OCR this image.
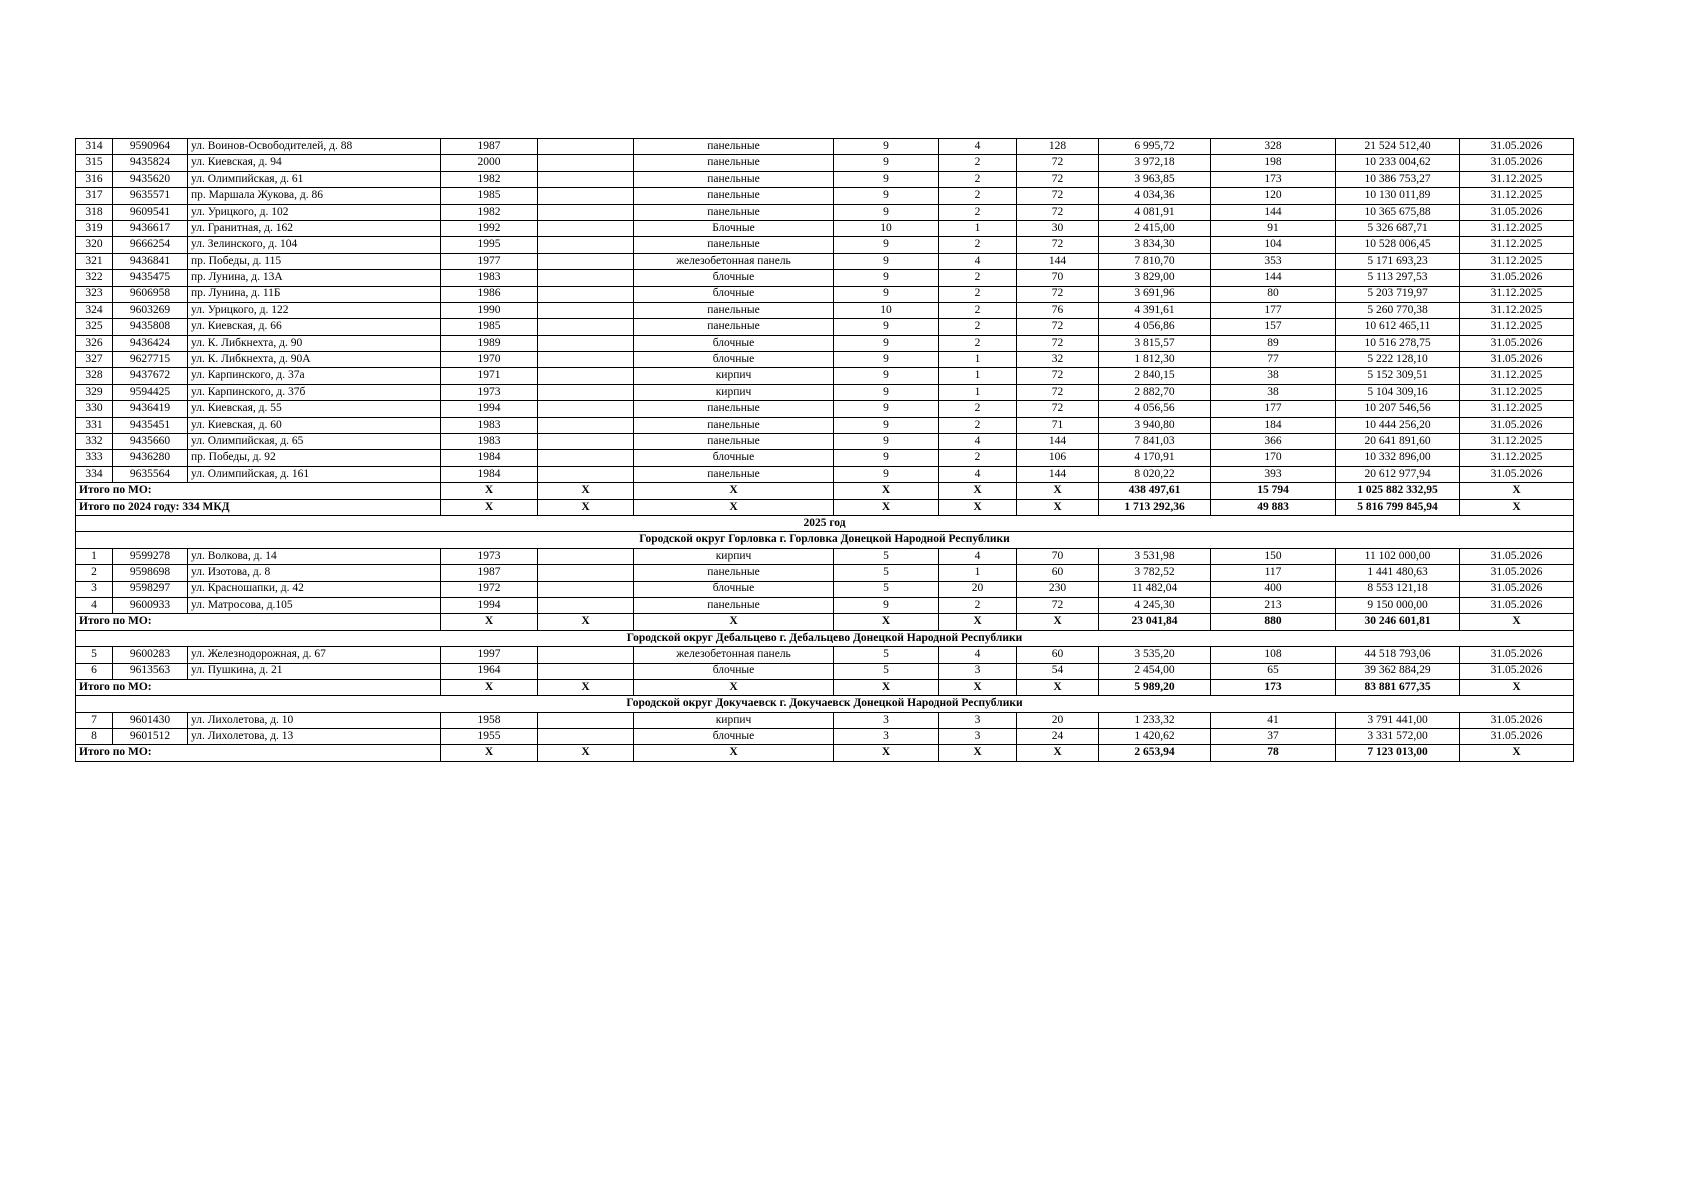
314	9590964	ул. Воинов-Освободителей, д. 88	1987		панельные	9	4	128	6 995,72	328	21 524 512,40	31.05.2026
315	9435824	ул. Киевская, д. 94	2000		панельные	9	2	72	3 972,18	198	10 233 004,62	31.05.2026
316	9435620	ул. Олимпийская, д. 61	1982		панельные	9	2	72	3 963,85	173	10 386 753,27	31.12.2025
317	9635571	пр. Маршала Жукова, д. 86	1985		панельные	9	2	72	4 034,36	120	10 130 011,89	31.12.2025
318	9609541	ул. Урицкого, д. 102	1982		панельные	9	2	72	4 081,91	144	10 365 675,88	31.05.2026
319	9436617	ул. Гранитная, д. 162	1992		Блочные	10	1	30	2 415,00	91	5 326 687,71	31.12.2025
320	9666254	ул. Зелинского, д. 104	1995		панельные	9	2	72	3 834,30	104	10 528 006,45	31.12.2025
321	9436841	пр. Победы, д. 115	1977		железобетонная панель	9	4	144	7 810,70	353	5 171 693,23	31.12.2025
322	9435475	пр. Лунина, д. 13А	1983		блочные	9	2	70	3 829,00	144	5 113 297,53	31.05.2026
323	9606958	пр. Лунина, д. 11Б	1986		блочные	9	2	72	3 691,96	80	5 203 719,97	31.12.2025
324	9603269	ул. Урицкого, д. 122	1990		панельные	10	2	76	4 391,61	177	5 260 770,38	31.12.2025
325	9435808	ул. Киевская, д. 66	1985		панельные	9	2	72	4 056,86	157	10 612 465,11	31.12.2025
326	9436424	ул. К. Либкнехта, д. 90	1989		блочные	9	2	72	3 815,57	89	10 516 278,75	31.05.2026
327	9627715	ул. К. Либкнехта, д. 90А	1970		блочные	9	1	32	1 812,30	77	5 222 128,10	31.05.2026
328	9437672	ул. Карпинского, д. 37а	1971		кирпич	9	1	72	2 840,15	38	5 152 309,51	31.12.2025
329	9594425	ул. Карпинского, д. 37б	1973		кирпич	9	1	72	2 882,70	38	5 104 309,16	31.12.2025
330	9436419	ул. Киевская, д. 55	1994		панельные	9	2	72	4 056,56	177	10 207 546,56	31.12.2025
331	9435451	ул. Киевская, д. 60	1983		панельные	9	2	71	3 940,80	184	10 444 256,20	31.05.2026
332	9435660	ул. Олимпийская, д. 65	1983		панельные	9	4	144	7 841,03	366	20 641 891,60	31.12.2025
333	9436280	пр. Победы, д. 92	1984		блочные	9	2	106	4 170,91	170	10 332 896,00	31.12.2025
334	9635564	ул. Олимпийская, д. 161	1984		панельные	9	4	144	8 020,22	393	20 612 977,94	31.05.2026
Итого по МО:			X	X	X	X	X	X	438 497,61	15 794	1 025 882 332,95	X
Итого по 2024 году: 334 МКД			X	X	X	X	X	X	1 713 292,36	49 883	5 816 799 845,94	X
2025 год												
Городской округ Горловка г. Горловка Донецкой Народной Республики												
1	9599278	ул. Волкова, д. 14	1973		кирпич	5	4	70	3 531,98	150	11 102 000,00	31.05.2026
2	9598698	ул. Изотова, д. 8	1987		панельные	5	1	60	3 782,52	117	1 441 480,63	31.05.2026
3	9598297	ул. Красношапки, д. 42	1972		блочные	5	20	230	11 482,04	400	8 553 121,18	31.05.2026
4	9600933	ул. Матросова, д.105	1994		панельные	9	2	72	4 245,30	213	9 150 000,00	31.05.2026
Итого по МО:			X	X	X	X	X	X	23 041,84	880	30 246 601,81	X
Городской округ Дебальцево г. Дебальцево Донецкой Народной Республики												
5	9600283	ул. Железнодорожная, д. 67	1997		железобетонная панель	5	4	60	3 535,20	108	44 518 793,06	31.05.2026
6	9613563	ул. Пушкина, д. 21	1964		блочные	5	3	54	2 454,00	65	39 362 884,29	31.05.2026
Итого по МО:			X	X	X	X	X	X	5 989,20	173	83 881 677,35	X
Городской округ Докучаевск г. Докучаевск Донецкой Народной Республики												
7	9601430	ул. Лихолетова, д. 10	1958		кирпич	3	3	20	1 233,32	41	3 791 441,00	31.05.2026
8	9601512	ул. Лихолетова, д. 13	1955		блочные	3	3	24	1 420,62	37	3 331 572,00	31.05.2026
Итого по МО:			X	X	X	X	X	X	2 653,94	78	7 123 013,00	X
